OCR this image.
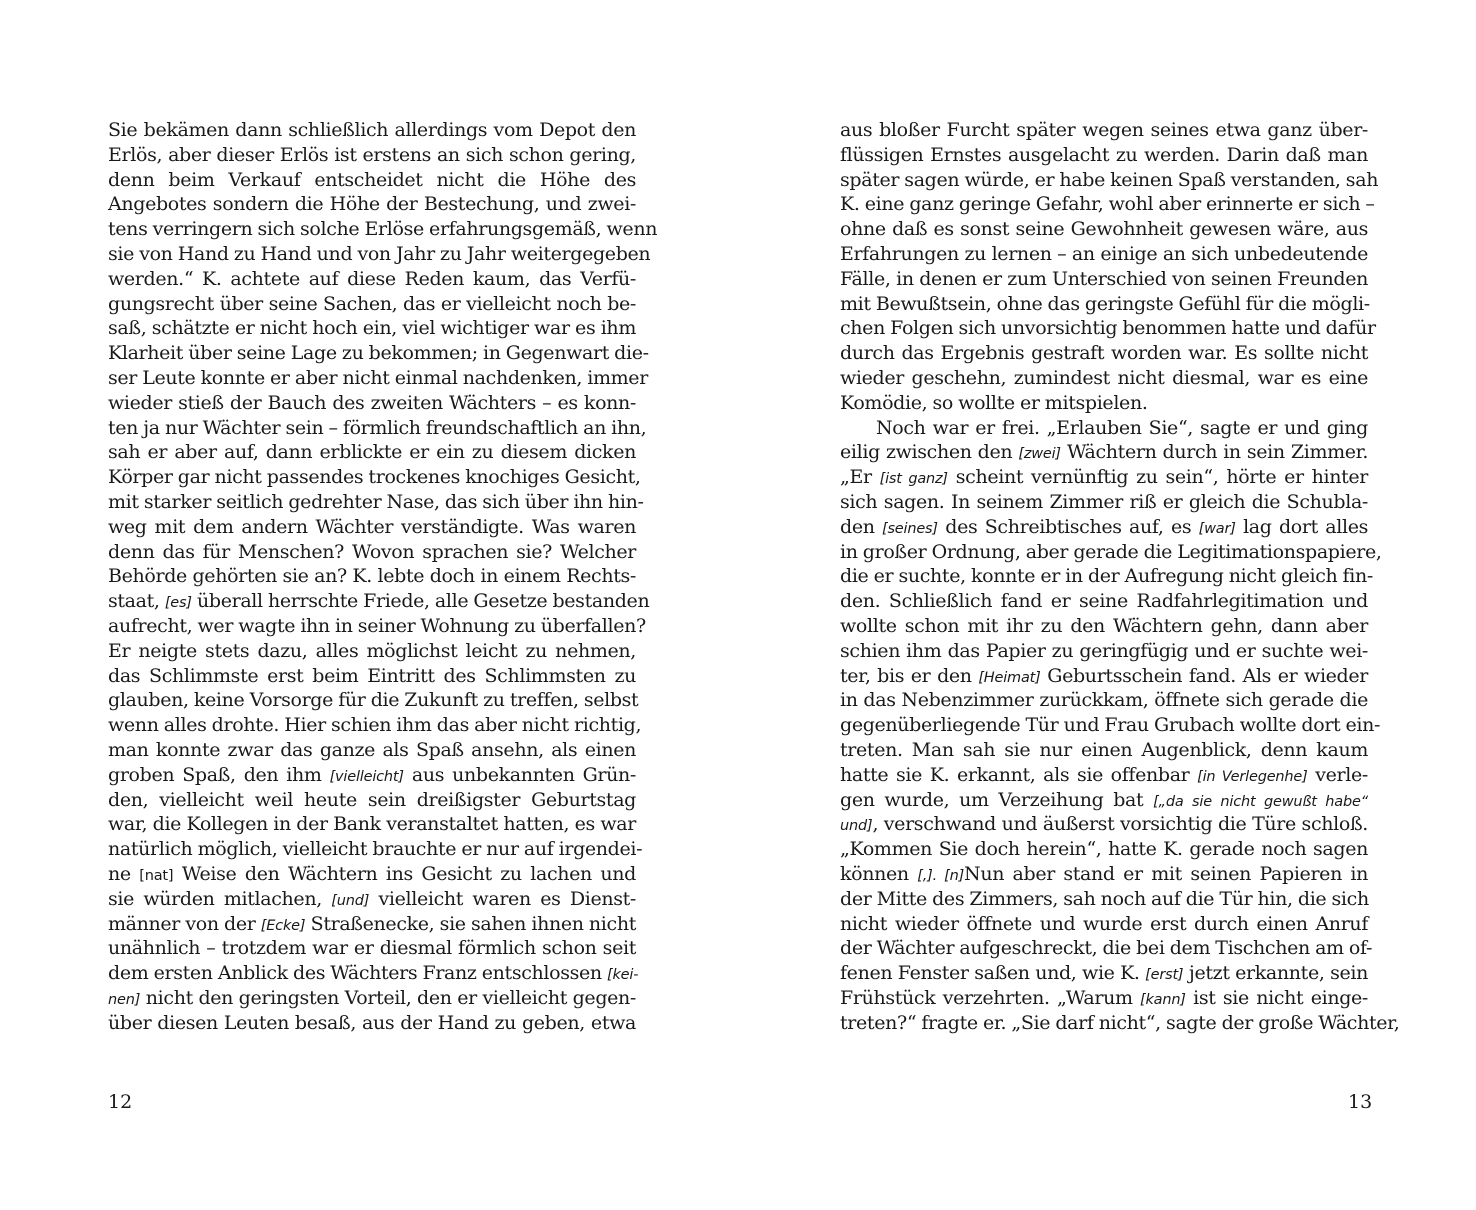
Sie bekämen dann schließlich allerdings vom Depot den
Erlös, aber dieser Erlös ist erstens an sich schon gering,
denn beim Verkauf entscheidet nicht die Höhe des
Angebotes sondern die Höhe der Bestechung, und zwei-
tens verringern sich solche Erlöse erfahrungsgemäß, wenn
sie von Hand zu Hand und von Jahr zu Jahr weitergegeben
werden.“ K. achtete auf diese Reden kaum, das Verfü-
gungsrecht über seine Sachen, das er vielleicht noch be-
saß, schätzte er nicht hoch ein, viel wichtiger war es ihm
Klarheit über seine Lage zu bekommen; in Gegenwart die-
ser Leute konnte er aber nicht einmal nachdenken, immer
wieder stieß der Bauch des zweiten Wächters – es konn-
ten ja nur Wächter sein – förmlich freundschaftlich an ihn,
sah er aber auf, dann erblickte er ein zu diesem dicken
Körper gar nicht passendes trockenes knochiges Gesicht,
mit starker seitlich gedrehter Nase, das sich über ihn hin-
weg mit dem andern Wächter verständigte. Was waren
denn das für Menschen? Wovon sprachen sie? Welcher
Behörde gehörten sie an? K. lebte doch in einem Rechts-
staat, [es] überall herrschte Friede, alle Gesetze bestanden
aufrecht, wer wagte ihn in seiner Wohnung zu überfallen?
Er neigte stets dazu, alles möglichst leicht zu nehmen,
das Schlimmste erst beim Eintritt des Schlimmsten zu
glauben, keine Vorsorge für die Zukunft zu treffen, selbst
wenn alles drohte. Hier schien ihm das aber nicht richtig,
man konnte zwar das ganze als Spaß ansehn, als einen
groben Spaß, den ihm [vielleicht] aus unbekannten Grün-
den, vielleicht weil heute sein dreißigster Geburtstag
war, die Kollegen in der Bank veranstaltet hatten, es war
natürlich möglich, vielleicht brauchte er nur auf irgendei-
ne [nat] Weise den Wächtern ins Gesicht zu lachen und
sie würden mitlachen, [und] vielleicht waren es Dienst-
männer von der [Ecke] Straßenecke, sie sahen ihnen nicht
unähnlich – trotzdem war er diesmal förmlich schon seit
dem ersten Anblick des Wächters Franz entschlossen [kei-
nen] nicht den geringsten Vorteil, den er vielleicht gegen-
über diesen Leuten besaß, aus der Hand zu geben, etwa
12
aus bloßer Furcht später wegen seines etwa ganz über-
flüssigen Ernstes ausgelacht zu werden. Darin daß man
später sagen würde, er habe keinen Spaß verstanden, sah
K. eine ganz geringe Gefahr, wohl aber erinnerte er sich –
ohne daß es sonst seine Gewohnheit gewesen wäre, aus
Erfahrungen zu lernen – an einige an sich unbedeutende
Fälle, in denen er zum Unterschied von seinen Freunden
mit Bewußtsein, ohne das geringste Gefühl für die mögli-
chen Folgen sich unvorsichtig benommen hatte und dafür
durch das Ergebnis gestraft worden war. Es sollte nicht
wieder geschehn, zumindest nicht diesmal, war es eine
Komödie, so wollte er mitspielen.
Noch war er frei. „Erlauben Sie“, sagte er und ging
eilig zwischen den [zwei] Wächtern durch in sein Zimmer.
„Er [ist ganz] scheint vernünftig zu sein“, hörte er hinter
sich sagen. In seinem Zimmer riß er gleich die Schubla-
den [seines] des Schreibtisches auf, es [war] lag dort alles
in großer Ordnung, aber gerade die Legitimationspapiere,
die er suchte, konnte er in der Aufregung nicht gleich fin-
den. Schließlich fand er seine Radfahrlegitimation und
wollte schon mit ihr zu den Wächtern gehn, dann aber
schien ihm das Papier zu geringfügig und er suchte wei-
ter, bis er den [Heimat] Geburtsschein fand. Als er wieder
in das Nebenzimmer zurückkam, öffnete sich gerade die
gegenüberliegende Tür und Frau Grubach wollte dort ein-
treten. Man sah sie nur einen Augenblick, denn kaum
hatte sie K. erkannt, als sie offenbar [in Verlegenhe] verle-
gen wurde, um Verzeihung bat [„da sie nicht gewußt habe“
und], verschwand und äußerst vorsichtig die Türe schloß.
„Kommen Sie doch herein“, hatte K. gerade noch sagen
können [,]. [n]Nun aber stand er mit seinen Papieren in
der Mitte des Zimmers, sah noch auf die Tür hin, die sich
nicht wieder öffnete und wurde erst durch einen Anruf
der Wächter aufgeschreckt, die bei dem Tischchen am of-
fenen Fenster saßen und, wie K. [erst] jetzt erkannte, sein
Frühstück verzehrten. „Warum [kann] ist sie nicht einge-
treten?“ fragte er. „Sie darf nicht“, sagte der große Wächter,
13
